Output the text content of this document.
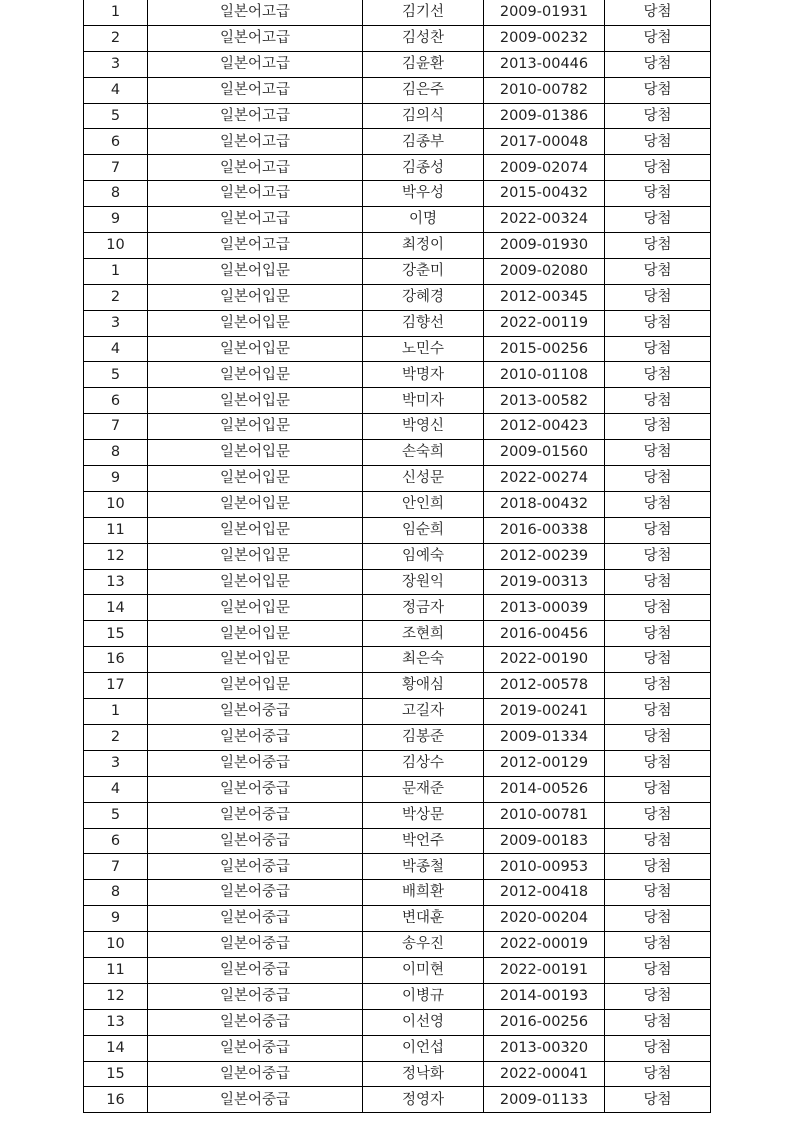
1	일본어고급	김기선	2009-01931	당첨
2	일본어고급	김성찬	2009-00232	당첨
3	일본어고급	김윤환	2013-00446	당첨
4	일본어고급	김은주	2010-00782	당첨
5	일본어고급	김의식	2009-01386	당첨
6	일본어고급	김종부	2017-00048	당첨
7	일본어고급	김종성	2009-02074	당첨
8	일본어고급	박우성	2015-00432	당첨
9	일본어고급	이명	2022-00324	당첨
10	일본어고급	최정이	2009-01930	당첨
1	일본어입문	강춘미	2009-02080	당첨
2	일본어입문	강혜경	2012-00345	당첨
3	일본어입문	김향선	2022-00119	당첨
4	일본어입문	노민수	2015-00256	당첨
5	일본어입문	박명자	2010-01108	당첨
6	일본어입문	박미자	2013-00582	당첨
7	일본어입문	박영신	2012-00423	당첨
8	일본어입문	손숙희	2009-01560	당첨
9	일본어입문	신성문	2022-00274	당첨
10	일본어입문	안인희	2018-00432	당첨
11	일본어입문	임순희	2016-00338	당첨
12	일본어입문	임예숙	2012-00239	당첨
13	일본어입문	장원익	2019-00313	당첨
14	일본어입문	정금자	2013-00039	당첨
15	일본어입문	조현희	2016-00456	당첨
16	일본어입문	최은숙	2022-00190	당첨
17	일본어입문	황애심	2012-00578	당첨
1	일본어중급	고길자	2019-00241	당첨
2	일본어중급	김봉준	2009-01334	당첨
3	일본어중급	김상수	2012-00129	당첨
4	일본어중급	문재준	2014-00526	당첨
5	일본어중급	박상문	2010-00781	당첨
6	일본어중급	박언주	2009-00183	당첨
7	일본어중급	박종철	2010-00953	당첨
8	일본어중급	배희환	2012-00418	당첨
9	일본어중급	변대훈	2020-00204	당첨
10	일본어중급	송우진	2022-00019	당첨
11	일본어중급	이미현	2022-00191	당첨
12	일본어중급	이병규	2014-00193	당첨
13	일본어중급	이선영	2016-00256	당첨
14	일본어중급	이언섭	2013-00320	당첨
15	일본어중급	정낙화	2022-00041	당첨
16	일본어중급	정영자	2009-01133	당첨
